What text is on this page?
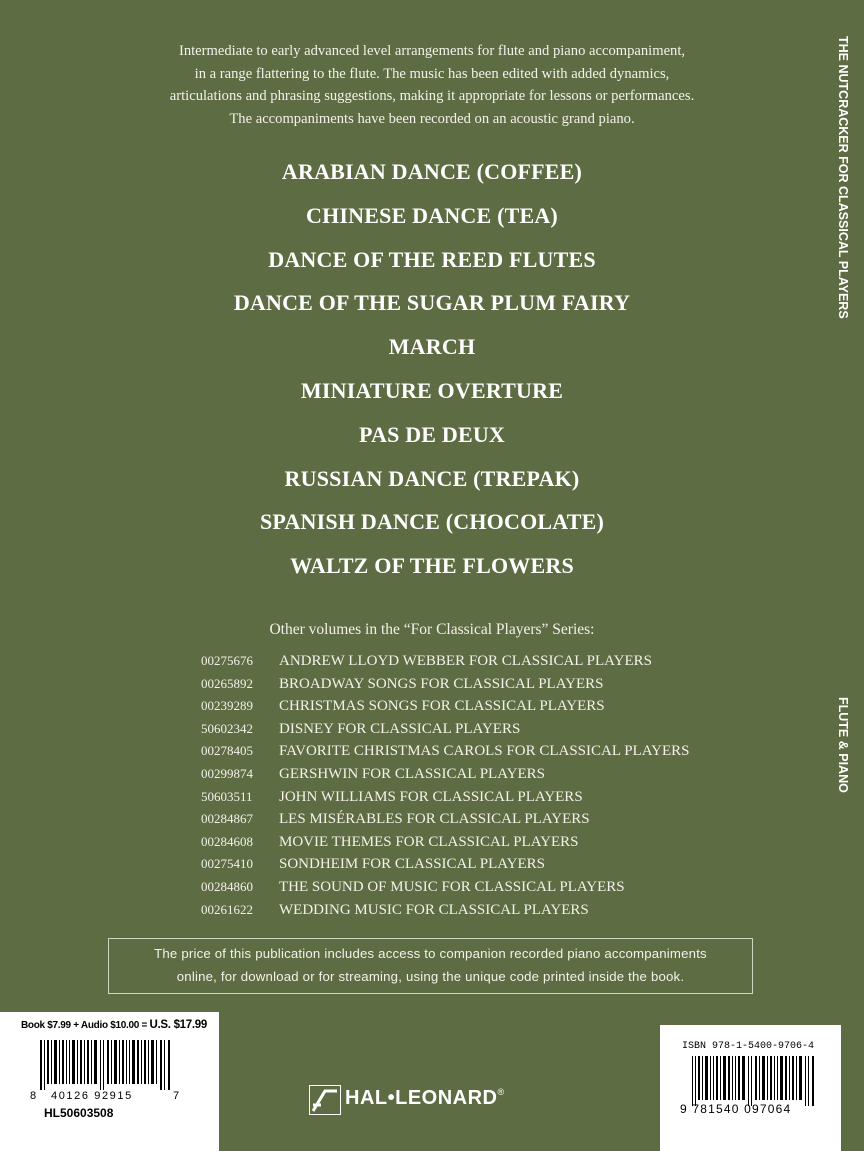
Intermediate to early advanced level arrangements for flute and piano accompaniment,
in a range flattering to the flute. The music has been edited with added dynamics,
articulations and phrasing suggestions, making it appropriate for lessons or performances.
The accompaniments have been recorded on an acoustic grand piano.
ARABIAN DANCE (COFFEE)
CHINESE DANCE (TEA)
DANCE OF THE REED FLUTES
DANCE OF THE SUGAR PLUM FAIRY
MARCH
MINIATURE OVERTURE
PAS DE DEUX
RUSSIAN DANCE (TREPAK)
SPANISH DANCE (CHOCOLATE)
WALTZ OF THE FLOWERS
Other volumes in the “For Classical Players” Series:
00275676 ANDREW LLOYD WEBBER FOR CLASSICAL PLAYERS
00265892 BROADWAY SONGS FOR CLASSICAL PLAYERS
00239289 CHRISTMAS SONGS FOR CLASSICAL PLAYERS
50602342 DISNEY FOR CLASSICAL PLAYERS
00278405 FAVORITE CHRISTMAS CAROLS FOR CLASSICAL PLAYERS
00299874 GERSHWIN FOR CLASSICAL PLAYERS
50603511 JOHN WILLIAMS FOR CLASSICAL PLAYERS
00284867 LES MISÉRABLES FOR CLASSICAL PLAYERS
00284608 MOVIE THEMES FOR CLASSICAL PLAYERS
00275410 SONDHEIM FOR CLASSICAL PLAYERS
00284860 THE SOUND OF MUSIC FOR CLASSICAL PLAYERS
00261622 WEDDING MUSIC FOR CLASSICAL PLAYERS
The price of this publication includes access to companion recorded piano accompaniments
online, for download or for streaming, using the unique code printed inside the book.
THE NUTCRACKER FOR CLASSICAL PLAYERS
FLUTE & PIANO
Book $7.99 + Audio $10.00 = U.S. $17.99
8 40126 92915	7
HL50603508
HAL•LEONARD®
ISBN 978-1-5400-9706-4
9 781540 097064
